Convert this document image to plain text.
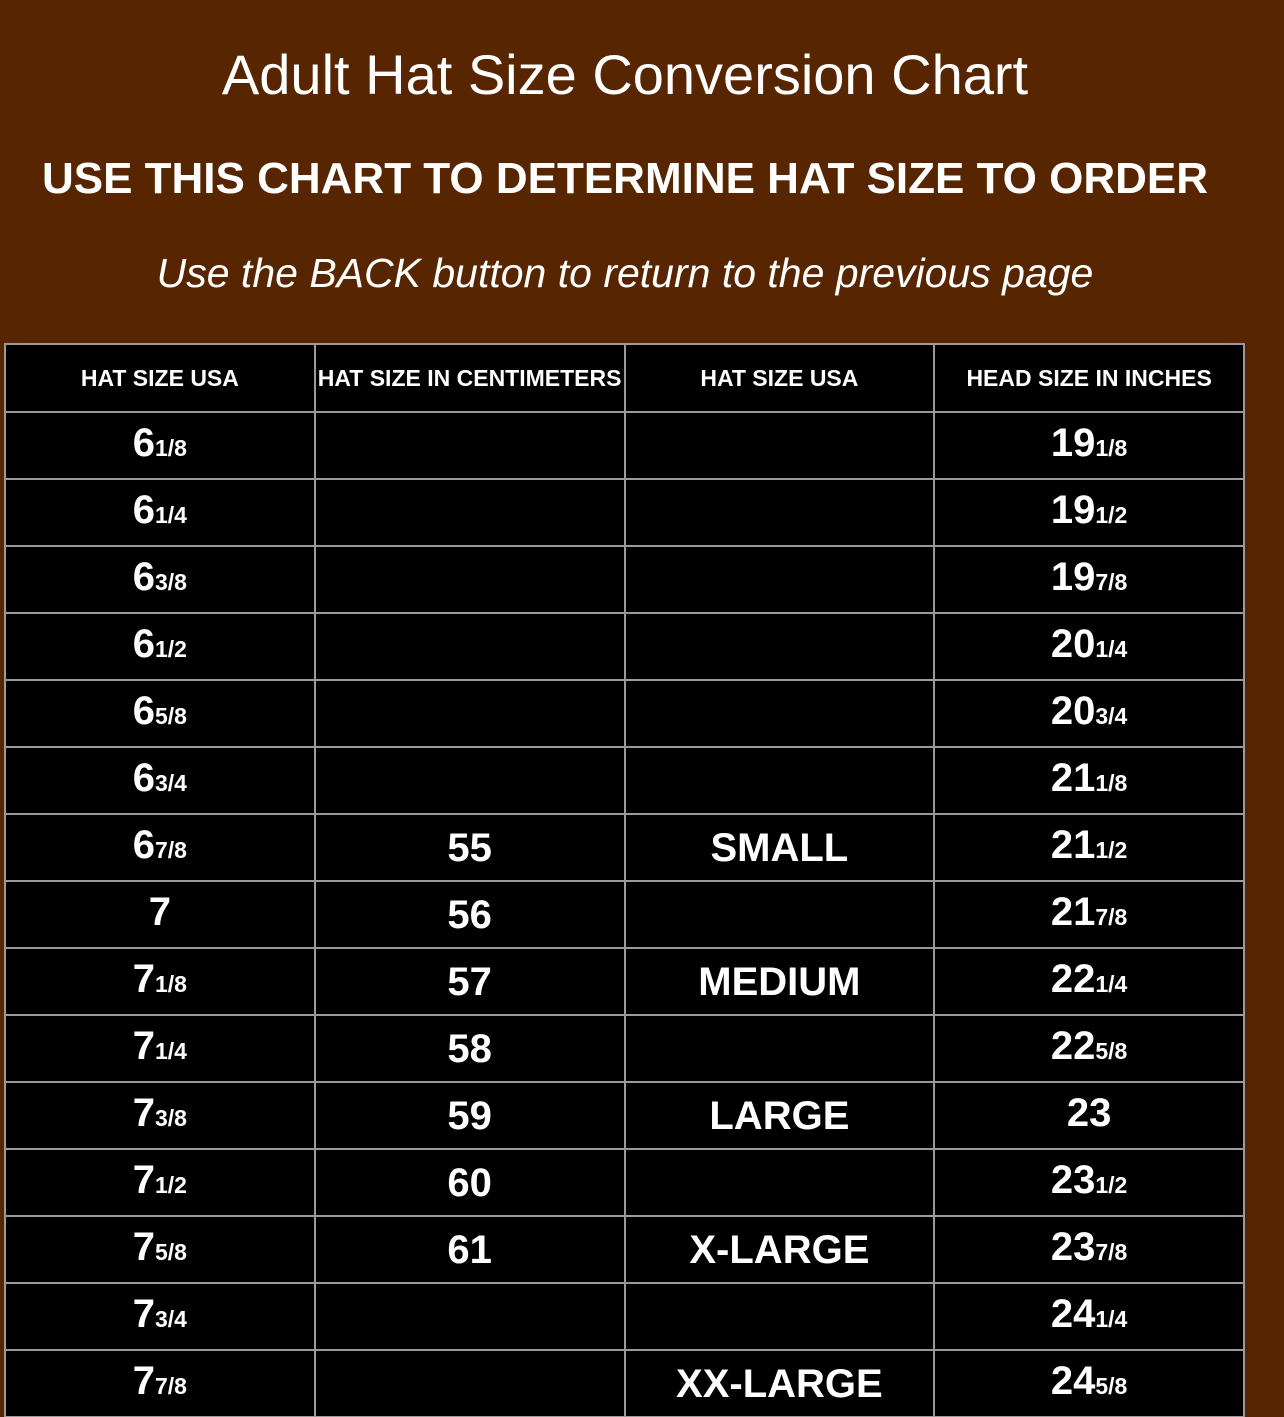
Adult Hat Size Conversion Chart
USE THIS CHART TO DETERMINE HAT SIZE TO ORDER

Use the BACK button to return to the previous page

HAT SIZE USA	HAT SIZE IN CENTIMETERS	HAT SIZE USA	HEAD SIZE IN INCHES
61/8			191/8
61/4			191/2
63/8			197/8
61/2			201/4
65/8			203/4
63/4			211/8
67/8	55	SMALL	211/2
7	56		217/8
71/8	57	MEDIUM	221/4
71/4	58		225/8
73/8	59	LARGE	23
71/2	60		231/2
75/8	61	X-LARGE	237/8
73/4			241/4
77/8		XX-LARGE	245/8
